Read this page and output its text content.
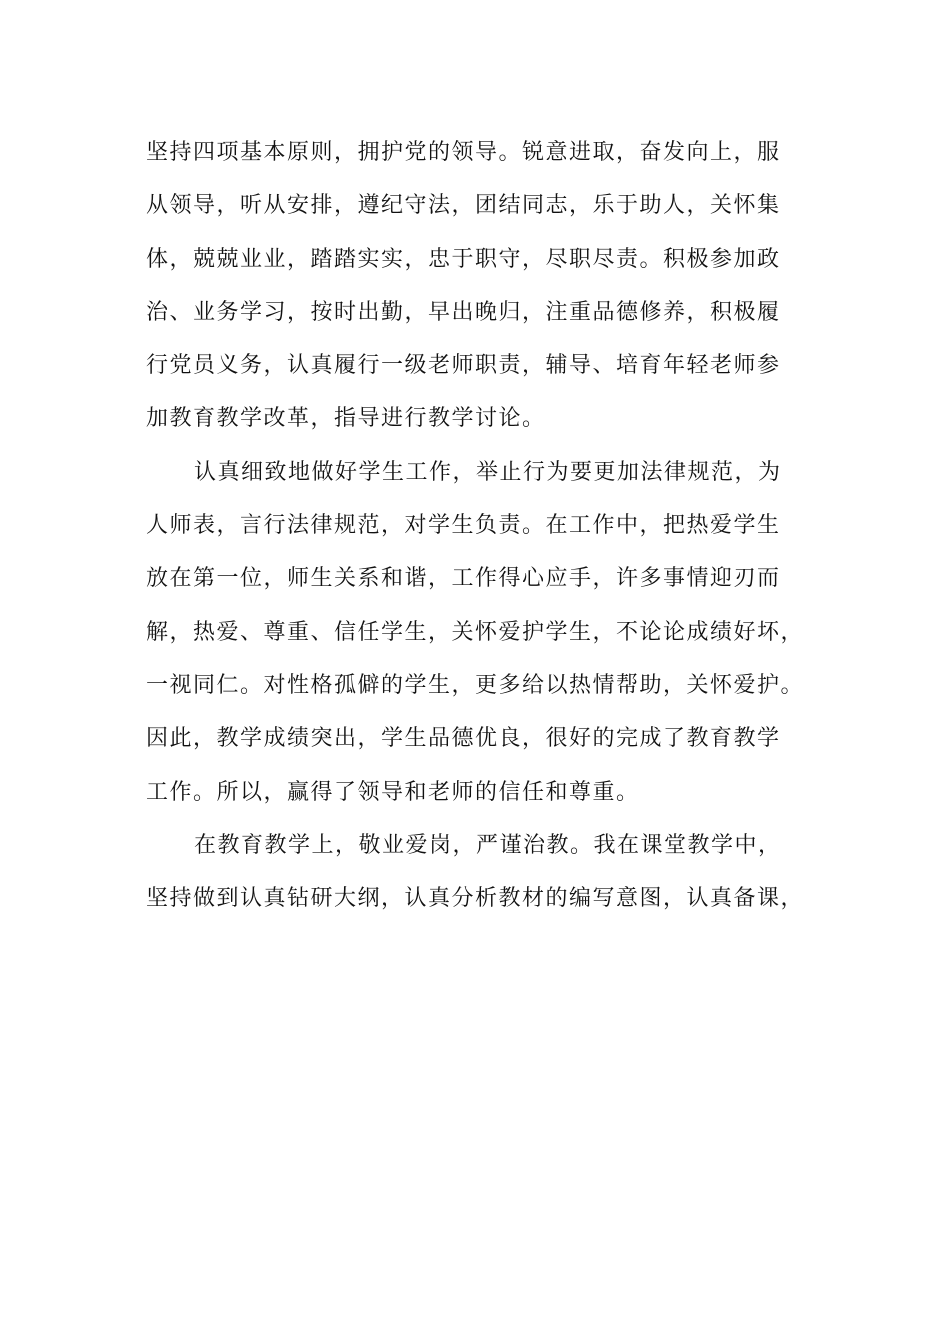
坚持四项基本原则，拥护党的领导。锐意进取，奋发向上，服
从领导，听从安排，遵纪守法，团结同志，乐于助人，关怀集
体，兢兢业业，踏踏实实，忠于职守，尽职尽责。积极参加政
治、业务学习，按时出勤，早出晚归，注重品德修养，积极履
行党员义务，认真履行一级老师职责，辅导、培育年轻老师参
加教育教学改革，指导进行教学讨论。
认真细致地做好学生工作，举止行为要更加法律规范，为
人师表，言行法律规范，对学生负责。在工作中，把热爱学生
放在第一位，师生关系和谐，工作得心应手，许多事情迎刃而
解，热爱、尊重、信任学生，关怀爱护学生，不论论成绩好坏，
一视同仁。对性格孤僻的学生，更多给以热情帮助，关怀爱护。
因此，教学成绩突出，学生品德优良，很好的完成了教育教学
工作。所以，赢得了领导和老师的信任和尊重。
在教育教学上，敬业爱岗，严谨治教。我在课堂教学中，
坚持做到认真钻研大纲，认真分析教材的编写意图，认真备课，
